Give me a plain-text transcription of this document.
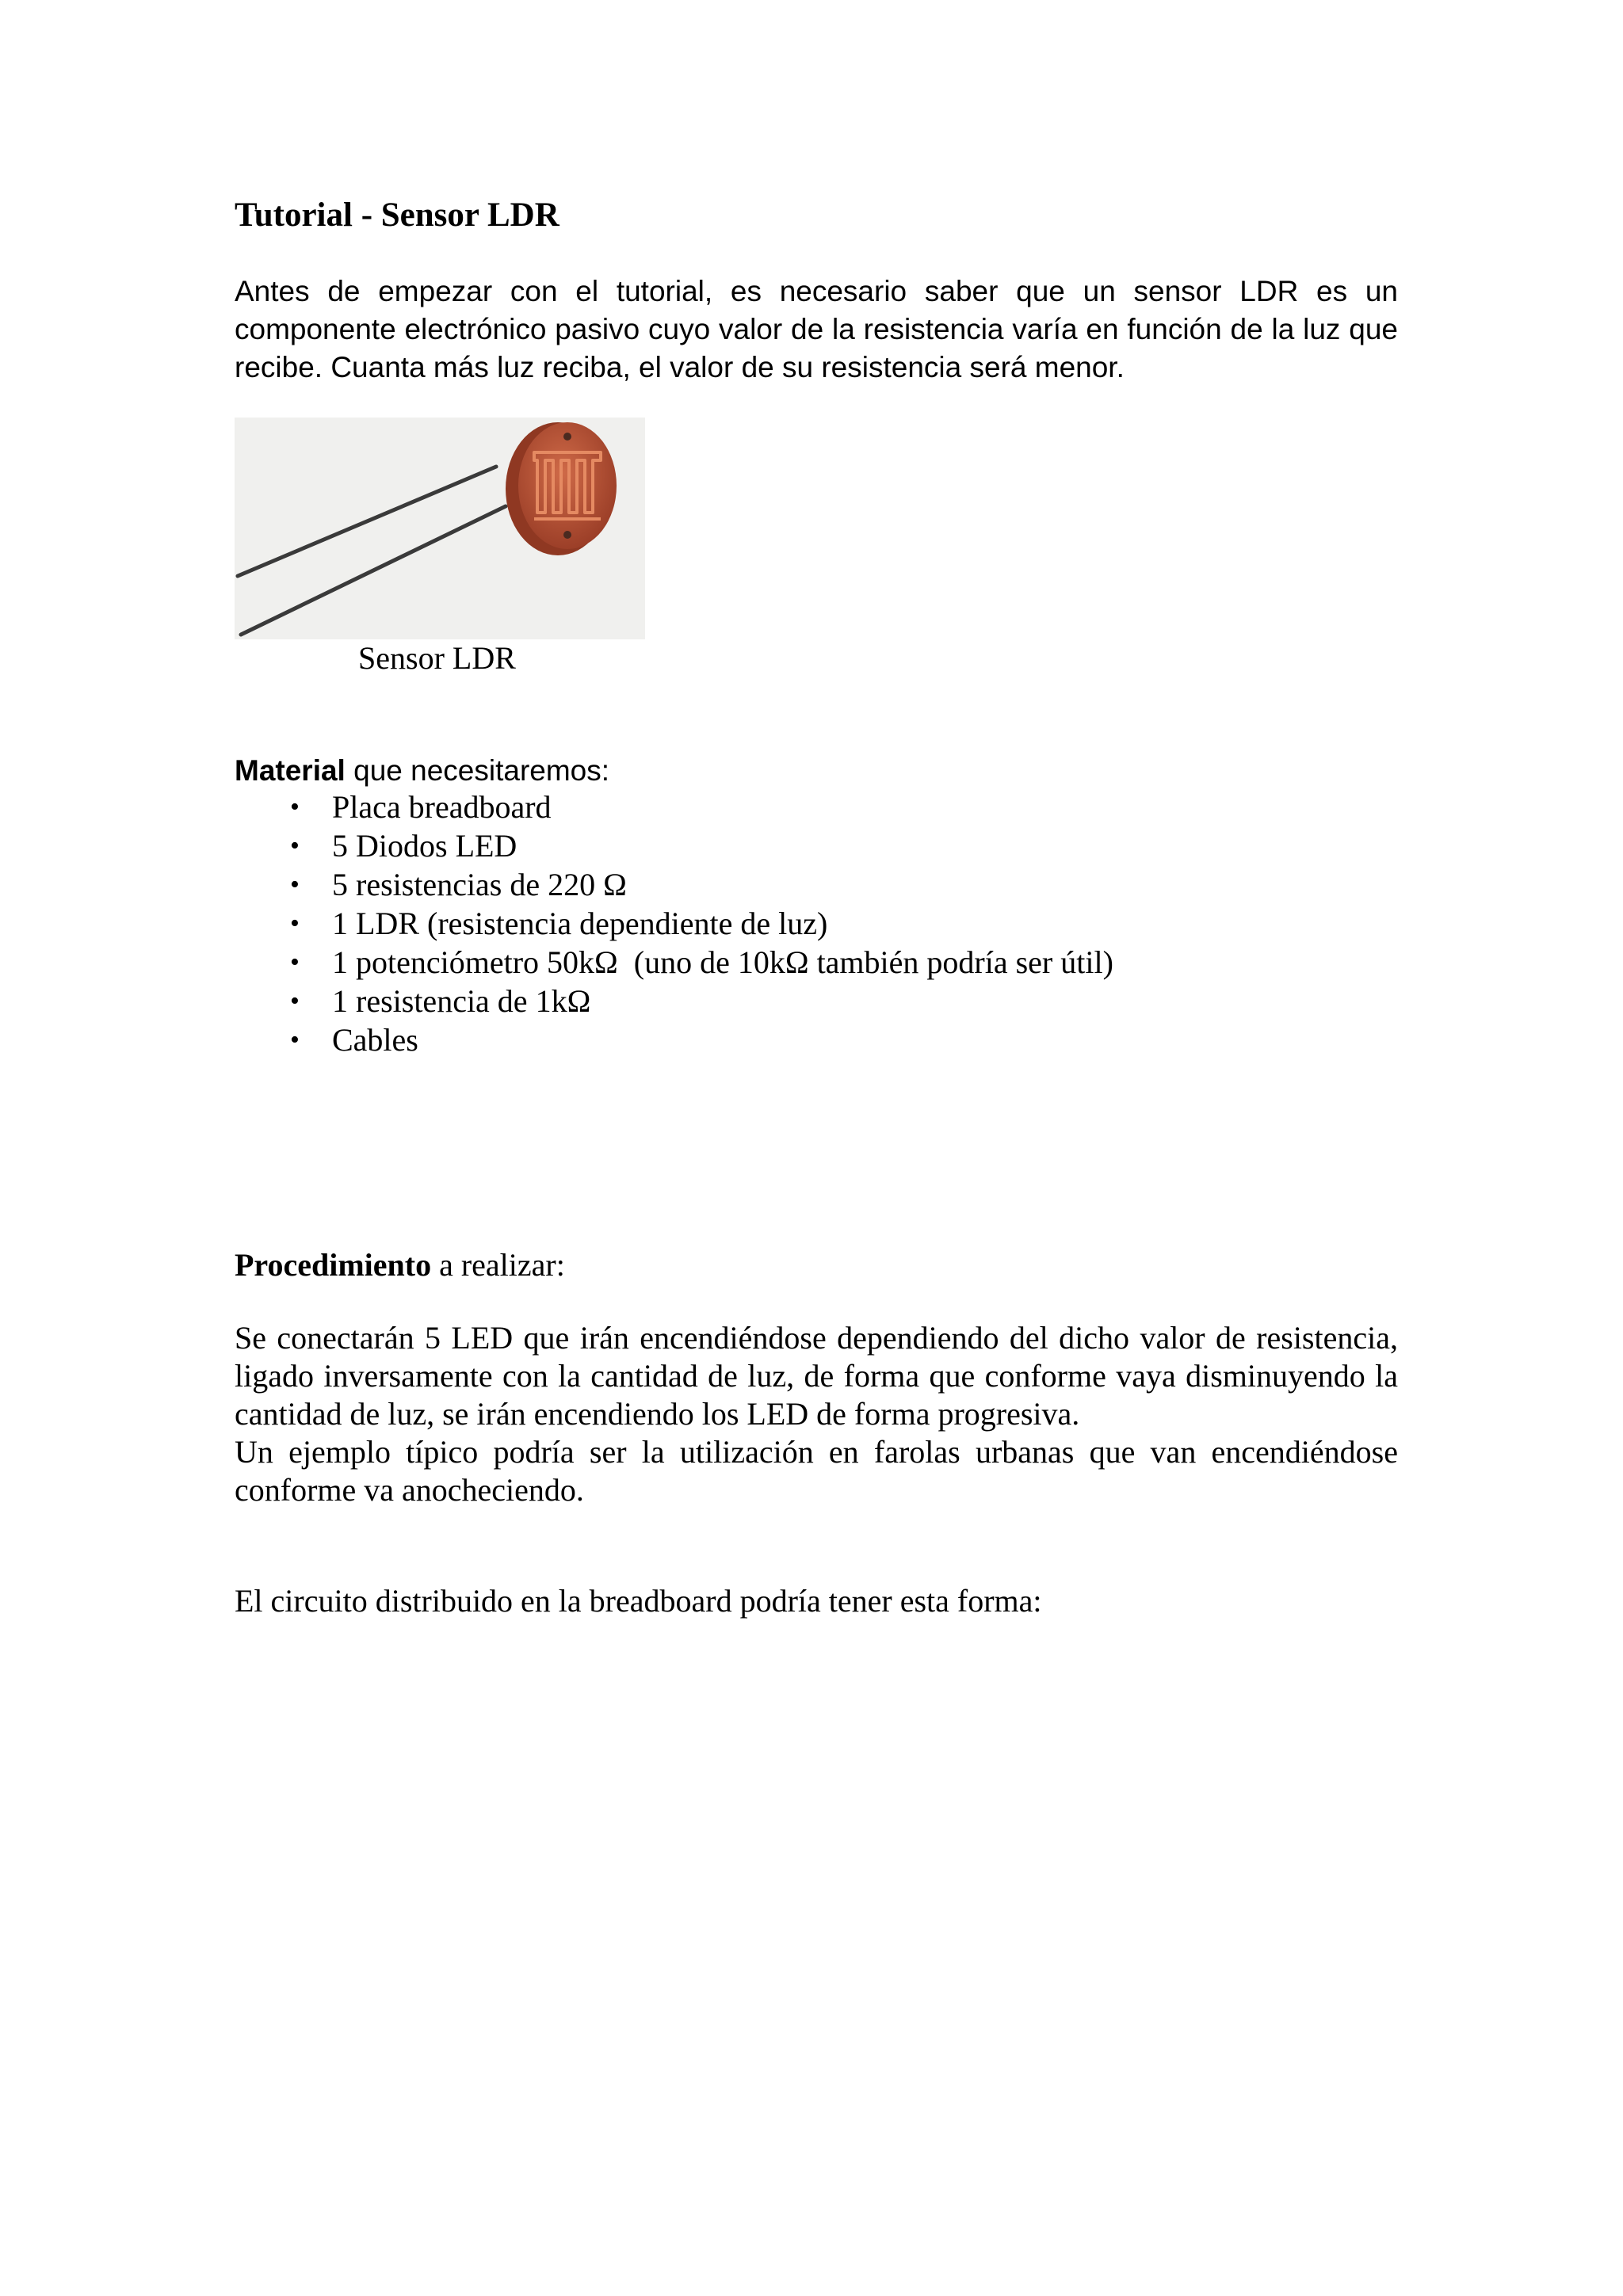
Tutorial - Sensor LDR

Antes de empezar con el tutorial, es necesario saber que un sensor LDR es un componente electrónico pasivo cuyo valor de la resistencia varía en función de la luz que recibe. Cuanta más luz reciba, el valor de su resistencia será menor.

Sensor LDR
Material que necesitaremos:
• Placa breadboard
• 5 Diodos LED
• 5 resistencias de 220 Ω
• 1 LDR (resistencia dependiente de luz)
• 1 potenciómetro 50kΩ  (uno de 10kΩ también podría ser útil)
• 1 resistencia de 1kΩ
• Cables
Procedimiento a realizar:
Se conectarán 5 LED que irán encendiéndose dependiendo del dicho valor de resistencia, ligado inversamente con la cantidad de luz, de forma que conforme vaya disminuyendo la cantidad de luz, se irán encendiendo los LED de forma progresiva.
Un ejemplo típico podría ser la utilización en farolas urbanas que van encendiéndose conforme va anocheciendo.
El circuito distribuido en la breadboard podría tener esta forma:
